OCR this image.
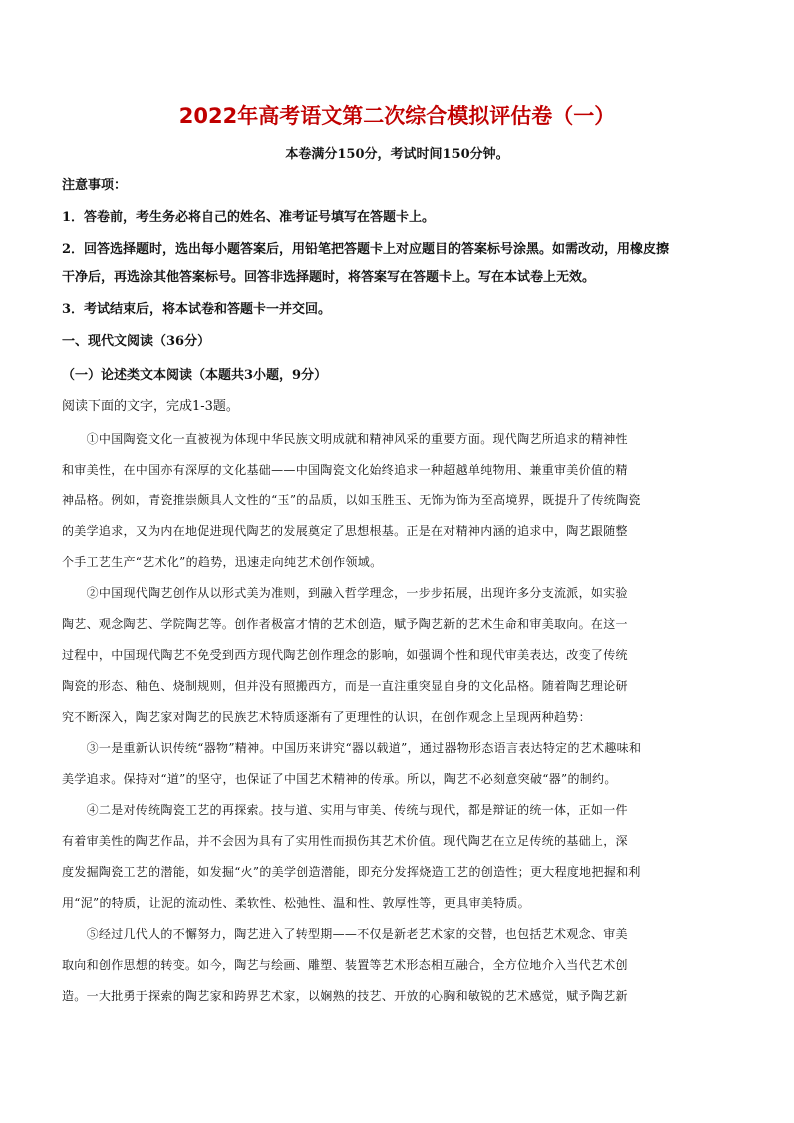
2022年高考语文第二次综合模拟评估卷（一）
本卷满分150分，考试时间150分钟。
注意事项：
1．答卷前，考生务必将自己的姓名、准考证号填写在答题卡上。
2．回答选择题时，选出每小题答案后，用铅笔把答题卡上对应题目的答案标号涂黑。如需改动，用橡皮擦
干净后，再选涂其他答案标号。回答非选择题时，将答案写在答题卡上。写在本试卷上无效。
3．考试结束后，将本试卷和答题卡一并交回。
一、现代文阅读（36分）
（一）论述类文本阅读（本题共3小题，9分）
阅读下面的文字，完成1-3题。
　　①中国陶瓷文化一直被视为体现中华民族文明成就和精神风采的重要方面。现代陶艺所追求的精神性
和审美性，在中国亦有深厚的文化基础——中国陶瓷文化始终追求一种超越单纯物用、兼重审美价值的精
神品格。例如，青瓷推崇颇具人文性的“玉”的品质，以如玉胜玉、无饰为饰为至高境界，既提升了传统陶瓷
的美学追求，又为内在地促进现代陶艺的发展奠定了思想根基。正是在对精神内涵的追求中，陶艺跟随整
个手工艺生产“艺术化”的趋势，迅速走向纯艺术创作领域。
　　②中国现代陶艺创作从以形式美为准则，到融入哲学理念，一步步拓展，出现许多分支流派，如实验
陶艺、观念陶艺、学院陶艺等。创作者极富才情的艺术创造，赋予陶艺新的艺术生命和审美取向。在这一
过程中，中国现代陶艺不免受到西方现代陶艺创作理念的影响，如强调个性和现代审美表达，改变了传统
陶瓷的形态、釉色、烧制规则，但并没有照搬西方，而是一直注重突显自身的文化品格。随着陶艺理论研
究不断深入，陶艺家对陶艺的民族艺术特质逐渐有了更理性的认识，在创作观念上呈现两种趋势：
　　③一是重新认识传统“器物”精神。中国历来讲究“器以载道”，通过器物形态语言表达特定的艺术趣味和
美学追求。保持对“道”的坚守，也保证了中国艺术精神的传承。所以，陶艺不必刻意突破“器”的制约。
　　④二是对传统陶瓷工艺的再探索。技与道、实用与审美、传统与现代，都是辩证的统一体，正如一件
有着审美性的陶艺作品，并不会因为具有了实用性而损伤其艺术价值。现代陶艺在立足传统的基础上，深
度发掘陶瓷工艺的潜能，如发掘“火”的美学创造潜能，即充分发挥烧造工艺的创造性；更大程度地把握和利
用“泥”的特质，让泥的流动性、柔软性、松弛性、温和性、敦厚性等，更具审美特质。
　　⑤经过几代人的不懈努力，陶艺进入了转型期——不仅是新老艺术家的交替，也包括艺术观念、审美
取向和创作思想的转变。如今，陶艺与绘画、雕塑、装置等艺术形态相互融合，全方位地介入当代艺术创
造。一大批勇于探索的陶艺家和跨界艺术家，以娴熟的技艺、开放的心胸和敏锐的艺术感觉，赋予陶艺新
